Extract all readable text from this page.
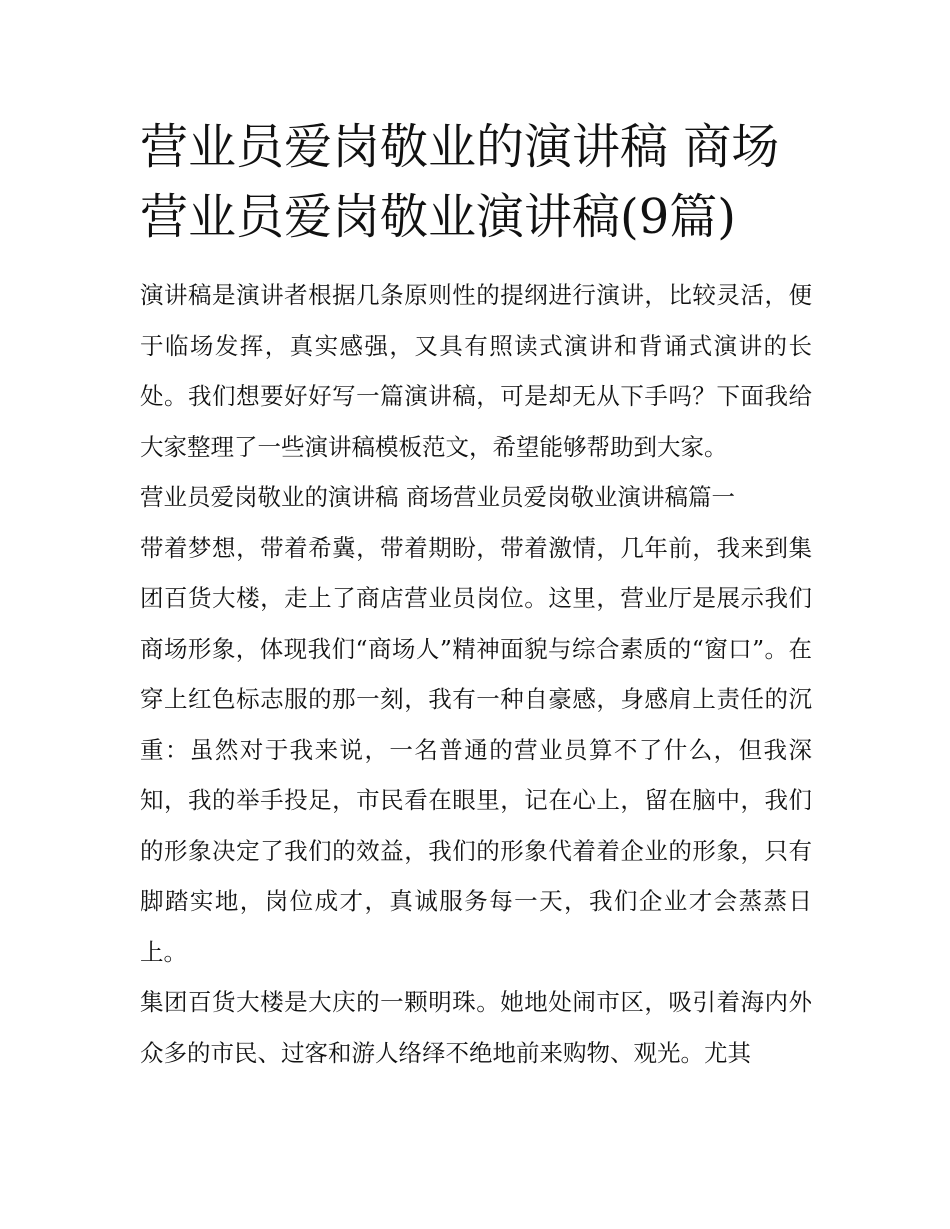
营业员爱岗敬业的演讲稿 商场营业员爱岗敬业演讲稿(9篇)

演讲稿是演讲者根据几条原则性的提纲进行演讲，比较灵活，便于临场发挥，真实感强，又具有照读式演讲和背诵式演讲的长处。我们想要好好写一篇演讲稿，可是却无从下手吗？下面我给大家整理了一些演讲稿模板范文，希望能够帮助到大家。

营业员爱岗敬业的演讲稿 商场营业员爱岗敬业演讲稿篇一

带着梦想，带着希冀，带着期盼，带着激情，几年前，我来到集团百货大楼，走上了商店营业员岗位。这里，营业厅是展示我们商场形象，体现我们“商场人”精神面貌与综合素质的“窗口”。在穿上红色标志服的那一刻，我有一种自豪感，身感肩上责任的沉重：虽然对于我来说，一名普通的营业员算不了什么，但我深知，我的举手投足，市民看在眼里，记在心上，留在脑中，我们的形象决定了我们的效益，我们的形象代着着企业的形象，只有脚踏实地，岗位成才，真诚服务每一天，我们企业才会蒸蒸日上。

集团百货大楼是大庆的一颗明珠。她地处闹市区，吸引着海内外众多的市民、过客和游人络绎不绝地前来购物、观光。尤其
